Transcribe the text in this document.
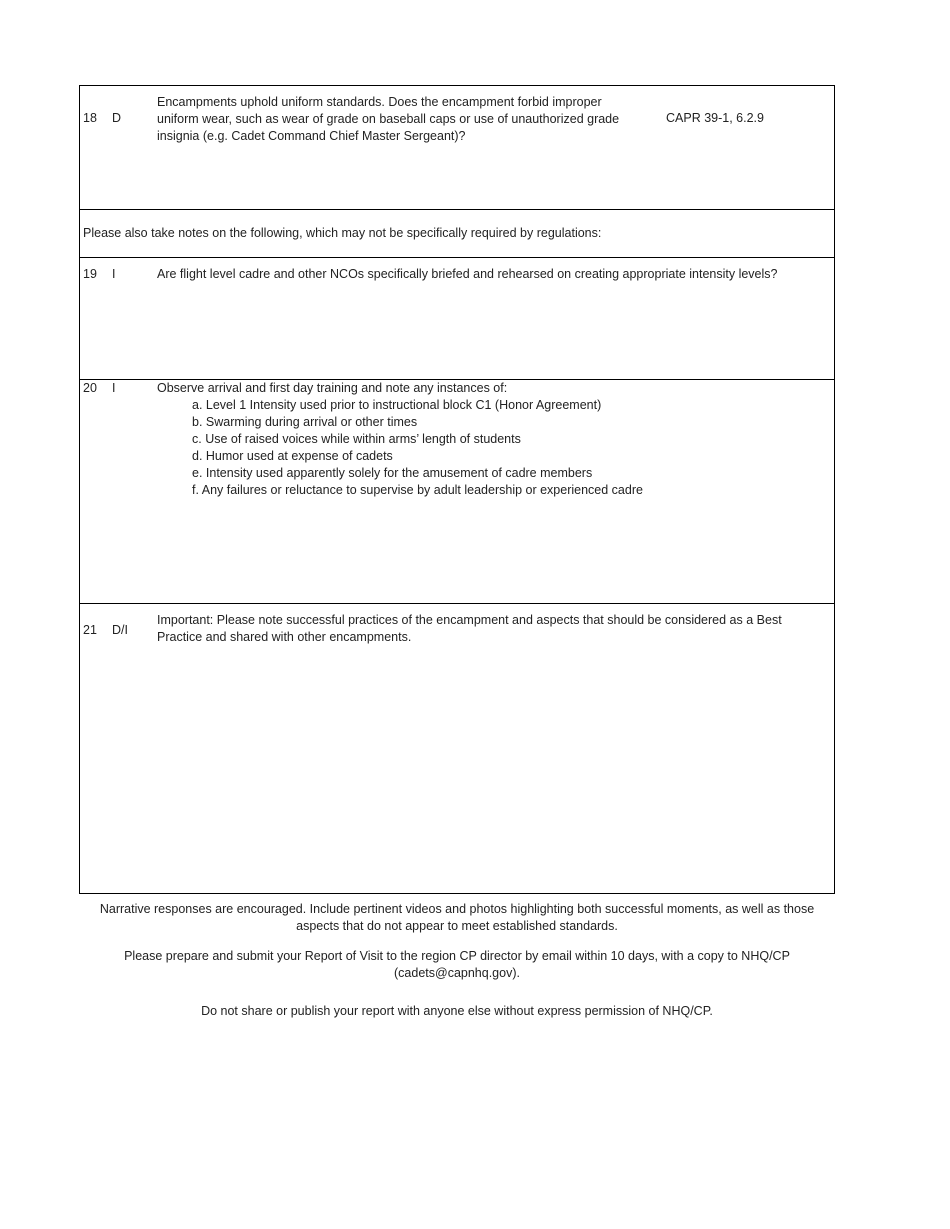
18 D
Encampments uphold uniform standards. Does the encampment forbid improper
uniform wear, such as wear of grade on baseball caps or use of unauthorized grade
insignia (e.g. Cadet Command Chief Master Sergeant)?
CAPR 39-1, 6.2.9
Please also take notes on the following, which may not be specifically required by regulations:
19 I	Are flight level cadre and other NCOs specifically briefed and rehearsed on creating appropriate intensity levels?
20 I	Observe arrival and first day training and note any instances of:
a. Level 1 Intensity used prior to instructional block C1 (Honor Agreement)
b. Swarming during arrival or other times
c. Use of raised voices while within arms’ length of students
d. Humor used at expense of cadets
e. Intensity used apparently solely for the amusement of cadre members
f. Any failures or reluctance to supervise by adult leadership or experienced cadre
21 D/I
Important: Please note successful practices of the encampment and aspects that should be considered as a Best
Practice and shared with other encampments.
Narrative responses are encouraged. Include pertinent videos and photos highlighting both successful moments, as well as those
aspects that do not appear to meet established standards.
Please prepare and submit your Report of Visit to the region CP director by email within 10 days, with a copy to NHQ/CP
(cadets@capnhq.gov).
Do not share or publish your report with anyone else without express permission of NHQ/CP.
